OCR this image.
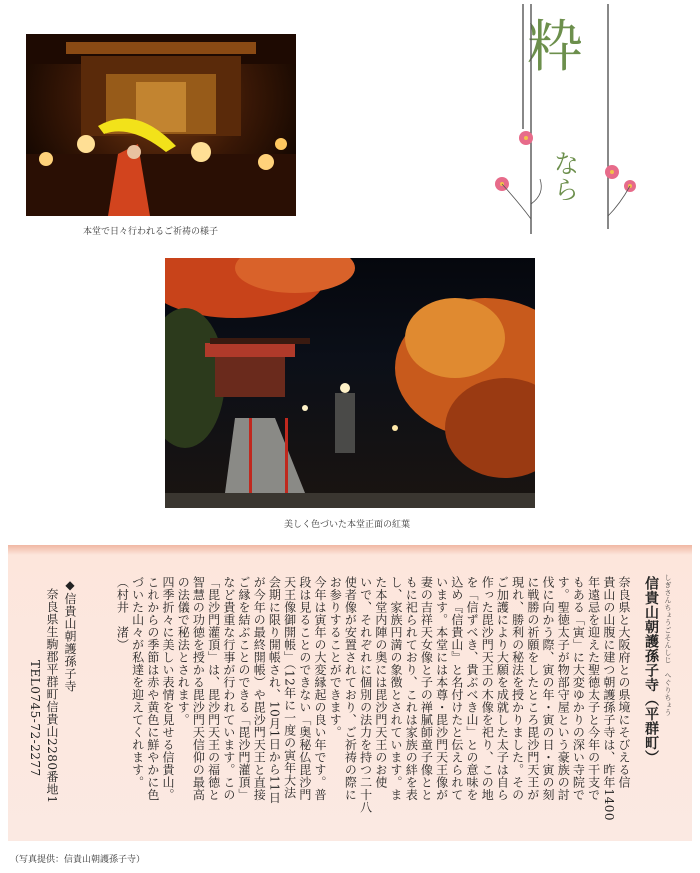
本堂で日々行われるご祈祷の様子
美しく色づいた本堂正面の紅葉
粋
なら
信貴山朝護孫子寺（平群町） しぎさんちょうごそんしじ　へぐりちょう
奈良県と大阪府との県境にそびえる信
貴山の山腹に建つ朝護孫子寺は、昨年1400
年遠忌を迎えた聖徳太子と今年の干支で
もある「寅」に大変ゆかりの深い寺院で
す。聖徳太子が物部守屋という豪族の討
伐に向かう際、寅の年・寅の日・寅の刻
に戦勝の祈願をしたところ毘沙門天王が
現れ、勝利の秘法を授かりました。その
ご加護により大願を成就した太子は自ら
作った毘沙門天王の木像を祀り、この地
を「信ずべき、貴ぶべき山」との意味を
込め『信貴山』と名付けたと伝えられて
います。本堂には本尊・毘沙門天王像が
妻の吉祥天女像と子の禅膩師童子像とと
もに祀られており、これは家族の絆を表
し、家族円満の象徴とされています。ま
た本堂内陣の奥には毘沙門天王のお使
いで、それぞれに個別の法力を持つ二十八
使者像が安置されており、ご祈祷の際に
お参りすることができます。
今年は寅年の大変縁起の良い年です。普
段は見ることのできない「奥秘仏毘沙門
天王像御開帳」（12年に一度の寅年大法
会期に限り開帳され、10月1日から11日
が今年の最終開帳）や毘沙門天王と直接
ご縁を結ぶことのできる「毘沙門灌頂」
など貴重な行事が行われています。この
「毘沙門灌頂」は、毘沙門天王の福徳と
智慧の功徳を授かる毘沙門天信仰の最高
の法儀で秘法とされます。
四季折々に美しい表情を見せる信貴山。
これからの季節は赤や黄色に鮮やかに色
づいた山々が私達を迎えてくれます。
（村井　渚）
◆信貴山朝護孫子寺
奈良県生駒郡平群町信貴山2280番地1
TEL0745-72-2277
（写真提供：信貴山朝護孫子寺）
